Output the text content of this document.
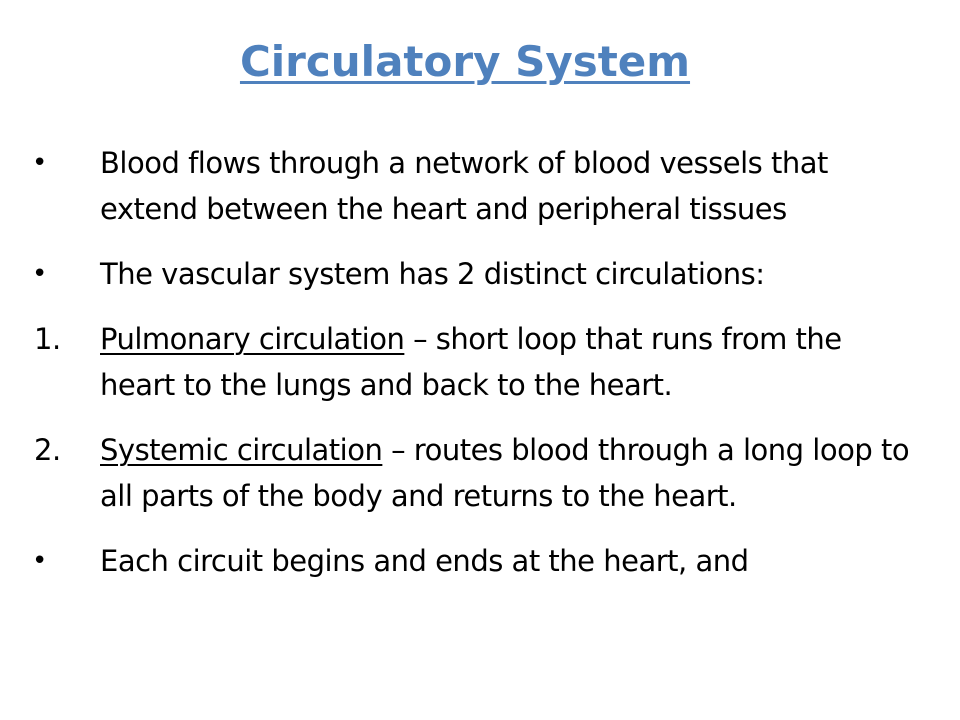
Circulatory System
•	Blood flows through a network of blood vessels that extend between the heart and peripheral tissues
•	The vascular system has 2 distinct circulations:
1.	Pulmonary circulation – short loop that runs from the heart to the lungs and back to the heart.
2.	Systemic circulation – routes blood through a long loop to all parts of the body and returns to the heart.
•	Each circuit begins and ends at the heart, and
